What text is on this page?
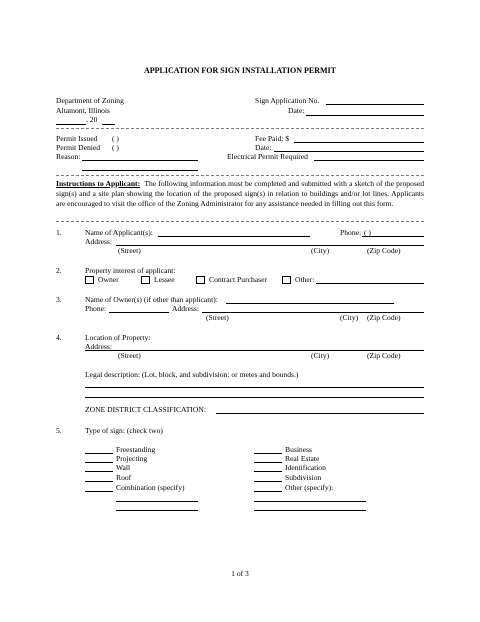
APPLICATION FOR SIGN INSTALLATION PERMIT
Department of Zoning
Altamont, Illinois
, 20
Sign Application No.
Date:
Permit Issued ( )
Permit Denied ( )
Reason:
Fee Paid: $
Date:
Electrical Permit Required
Instructions to Applicant: The following information must be completed and submitted with a sketch of the proposed sign(s) and a site plan showing the location of the proposed sign(s) in relation to buildings and/or lot lines. Applicants are encouraged to visit the office of the Zoning Administrator for any assistance needed in filling out this form.
1.	Name of Applicant(s):	Phone: ( )
Address:
(Street)	(City)	(Zip Code)
2.	Property interest of applicant:
Owner	Lessee	Contract Purchaser	Other:
3.	Name of Owner(s) (if other than applicant):
Phone:	Address:
(Street)	(City) (Zip Code)
4.	Location of Property:
Address:
(Street)	(City)	(Zip Code)
Legal description: (Lot, block, and subdivision; or metes and bounds.)
ZONE DISTRICT CLASSIFICATION:
5.	Type of sign: (check two)
Freestanding
Projecting
Wall
Roof
Combination (specify)
Business
Real Estate
Identification
Subdivision
Other (specify):
1 of 3
